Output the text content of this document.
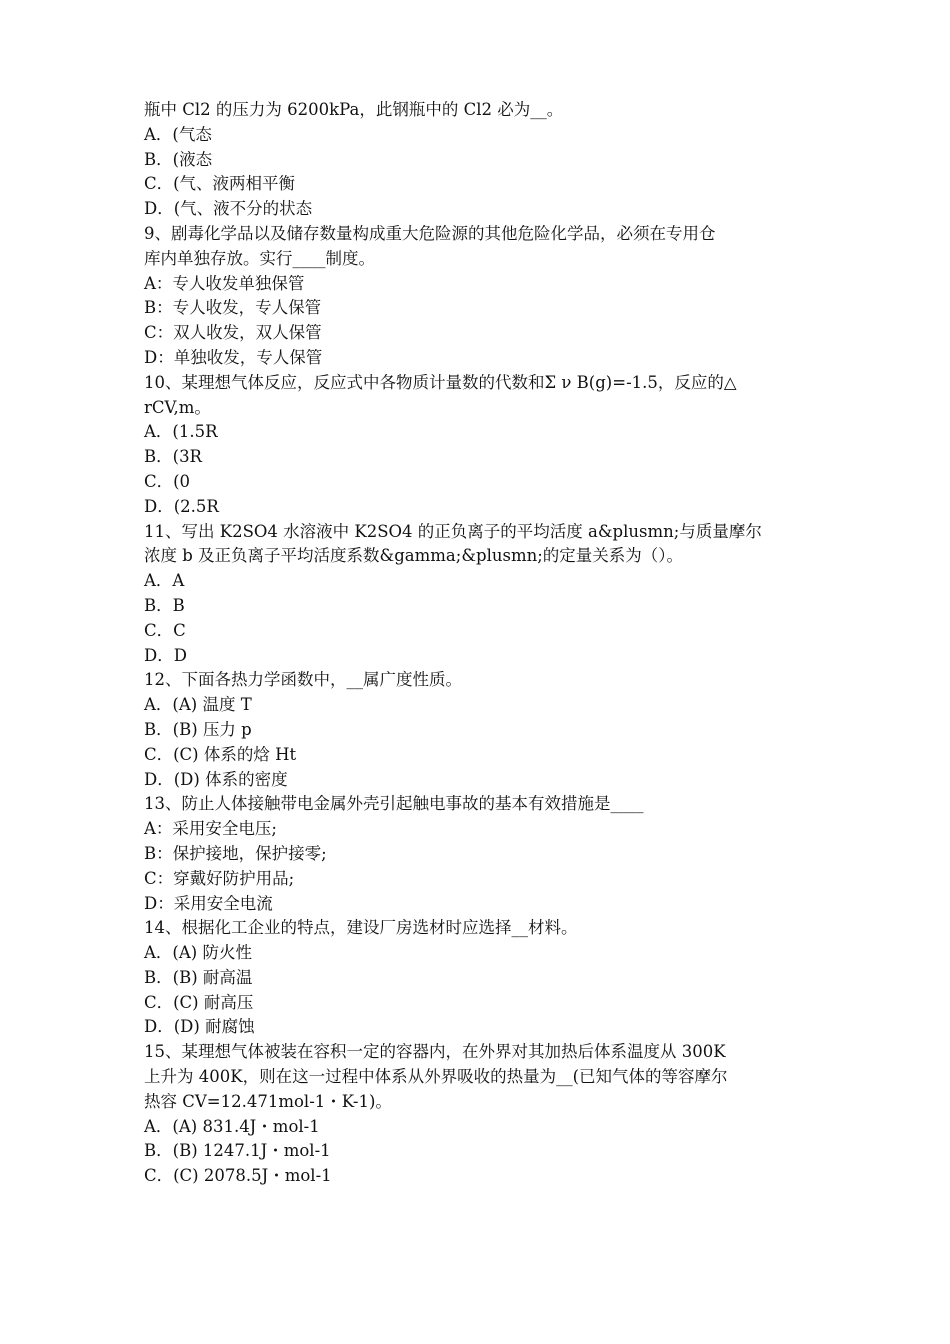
瓶中 Cl2 的压力为 6200kPa，此钢瓶中的 Cl2 必为__。
A．(气态
B．(液态
C．(气、液两相平衡
D．(气、液不分的状态
9、剧毒化学品以及储存数量构成重大危险源的其他危险化学品，必须在专用仓
库内单独存放。实行____制度。
A：专人收发单独保管
B：专人收发，专人保管
C：双人收发，双人保管
D：单独收发，专人保管
10、某理想气体反应，反应式中各物质计量数的代数和Σ ν B(g)=-1.5，反应的△
rCV,m。
A．(1.5R
B．(3R
C．(0
D．(2.5R
11、写出 K2SO4 水溶液中 K2SO4 的正负离子的平均活度 a&plusmn;与质量摩尔
浓度 b 及正负离子平均活度系数&gamma;&plusmn;的定量关系为（）。
A．A
B．B
C．C
D．D
12、下面各热力学函数中，__属广度性质。
A．(A) 温度 T
B．(B) 压力 p
C．(C) 体系的焓 Ht
D．(D) 体系的密度
13、防止人体接触带电金属外壳引起触电事故的基本有效措施是____
A：采用安全电压;
B：保护接地，保护接零;
C：穿戴好防护用品;
D：采用安全电流
14、根据化工企业的特点，建设厂房选材时应选择__材料。
A．(A) 防火性
B．(B) 耐高温
C．(C) 耐高压
D．(D) 耐腐蚀
15、某理想气体被装在容积一定的容器内，在外界对其加热后体系温度从 300K
上升为 400K，则在这一过程中体系从外界吸收的热量为__(已知气体的等容摩尔
热容 CV=12.471mol-1・K-1)。
A．(A) 831.4J・mol-1
B．(B) 1247.1J・mol-1
C．(C) 2078.5J・mol-1
